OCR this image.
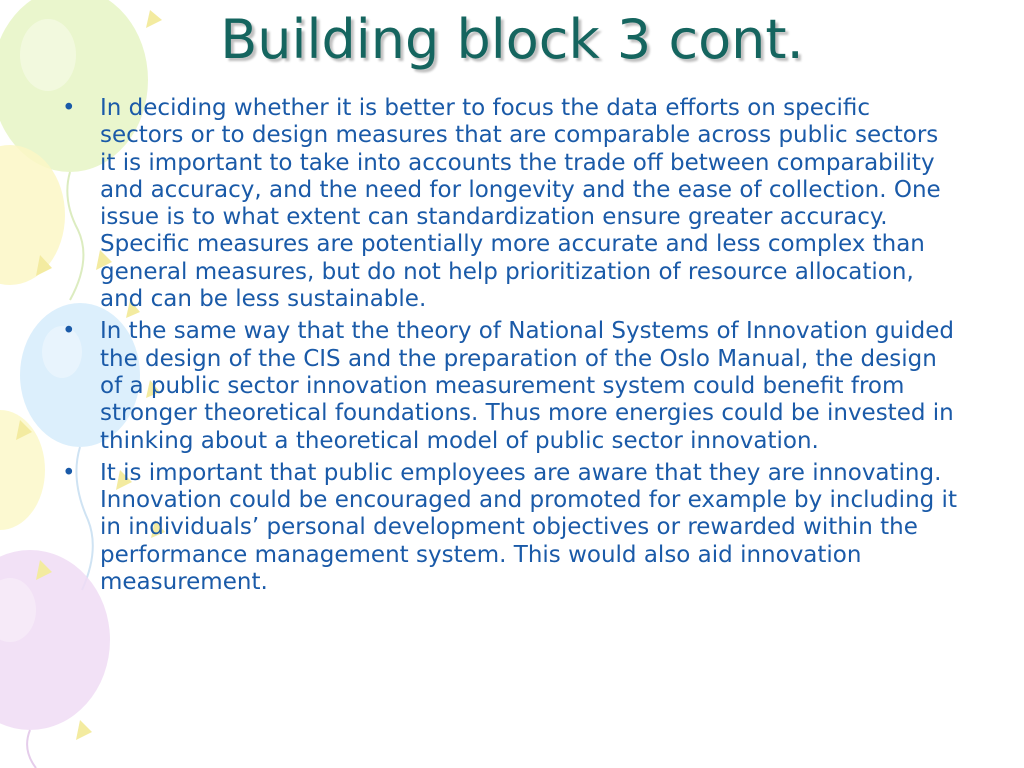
Building block 3 cont.
• In deciding whether it is better to focus the data efforts on specific sectors or to design measures that are comparable across public sectors it is important to take into accounts the trade off between comparability and accuracy, and the need for longevity and the ease of collection. One issue is to what extent can standardization ensure greater accuracy. Specific measures are potentially more accurate and less complex than general measures, but do not help prioritization of resource allocation, and can be less sustainable.
• In the same way that the theory of National Systems of Innovation guided the design of the CIS and the preparation of the Oslo Manual, the design of a public sector innovation measurement system could benefit from stronger theoretical foundations. Thus more energies could be invested in thinking about a theoretical model of public sector innovation.
• It is important that public employees are aware that they are innovating. Innovation could be encouraged and promoted for example by including it in individuals’ personal development objectives or rewarded within the performance management system. This would also aid innovation measurement.
